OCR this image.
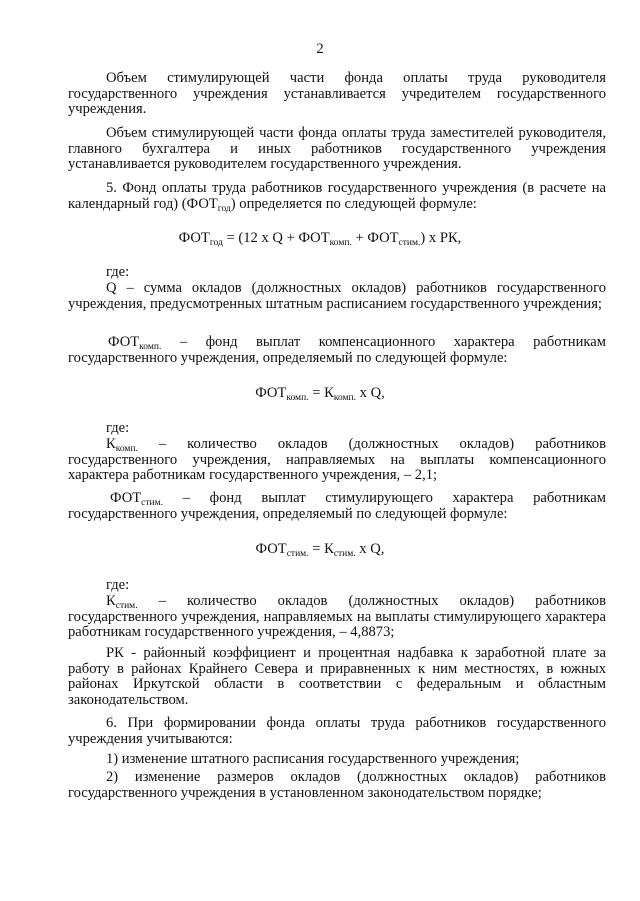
2
Объем стимулирующей части фонда оплаты труда руководителя государственного учреждения устанавливается учредителем государственного учреждения.
Объем стимулирующей части фонда оплаты труда заместителей руководителя, главного бухгалтера и иных работников государственного учреждения устанавливается руководителем государственного учреждения.
5. Фонд оплаты труда работников государственного учреждения (в расчете на календарный год) $(ФОТ_{год})$ определяется по следующей формуле:
$ФОТ_{год} = (12$ х $Q + ФОТ_{комп.} + ФОТ_{стим.}$) х РК,
где:
Q – сумма окладов (должностных окладов) работников государственного учреждения, предусмотренных штатным расписанием государственного учреждения;
$ФОТ_{комп.}$ – фонд выплат компенсационного характера работникам государственного учреждения, определяемый по следующей формуле:
$ФОТ_{комп.} = К_{комп.}$ х Q,
где:
$К_{комп.}$ – количество окладов (должностных окладов) работников государственного учреждения, направляемых на выплаты компенсационного характера работникам государственного учреждения, – 2,1;
$ФОТ_{стим.}$ – фонд выплат стимулирующего характера работникам государственного учреждения, определяемый по следующей формуле:
$ФОТ_{стим.} = К_{стим.}$ х Q,
где:
$К_{стим.}$ – количество окладов (должностных окладов) работников государственного учреждения, направляемых на выплаты стимулирующего характера работникам государственного учреждения, – 4,8873;
РК - районный коэффициент и процентная надбавка к заработной плате за работу в районах Крайнего Севера и приравненных к ним местностях, в южных районах Иркутской области в соответствии с федеральным и областным законодательством.
6. При формировании фонда оплаты труда работников государственного учреждения учитываются:
1) изменение штатного расписания государственного учреждения;
2) изменение размеров окладов (должностных окладов) работников государственного учреждения в установленном законодательством порядке;
